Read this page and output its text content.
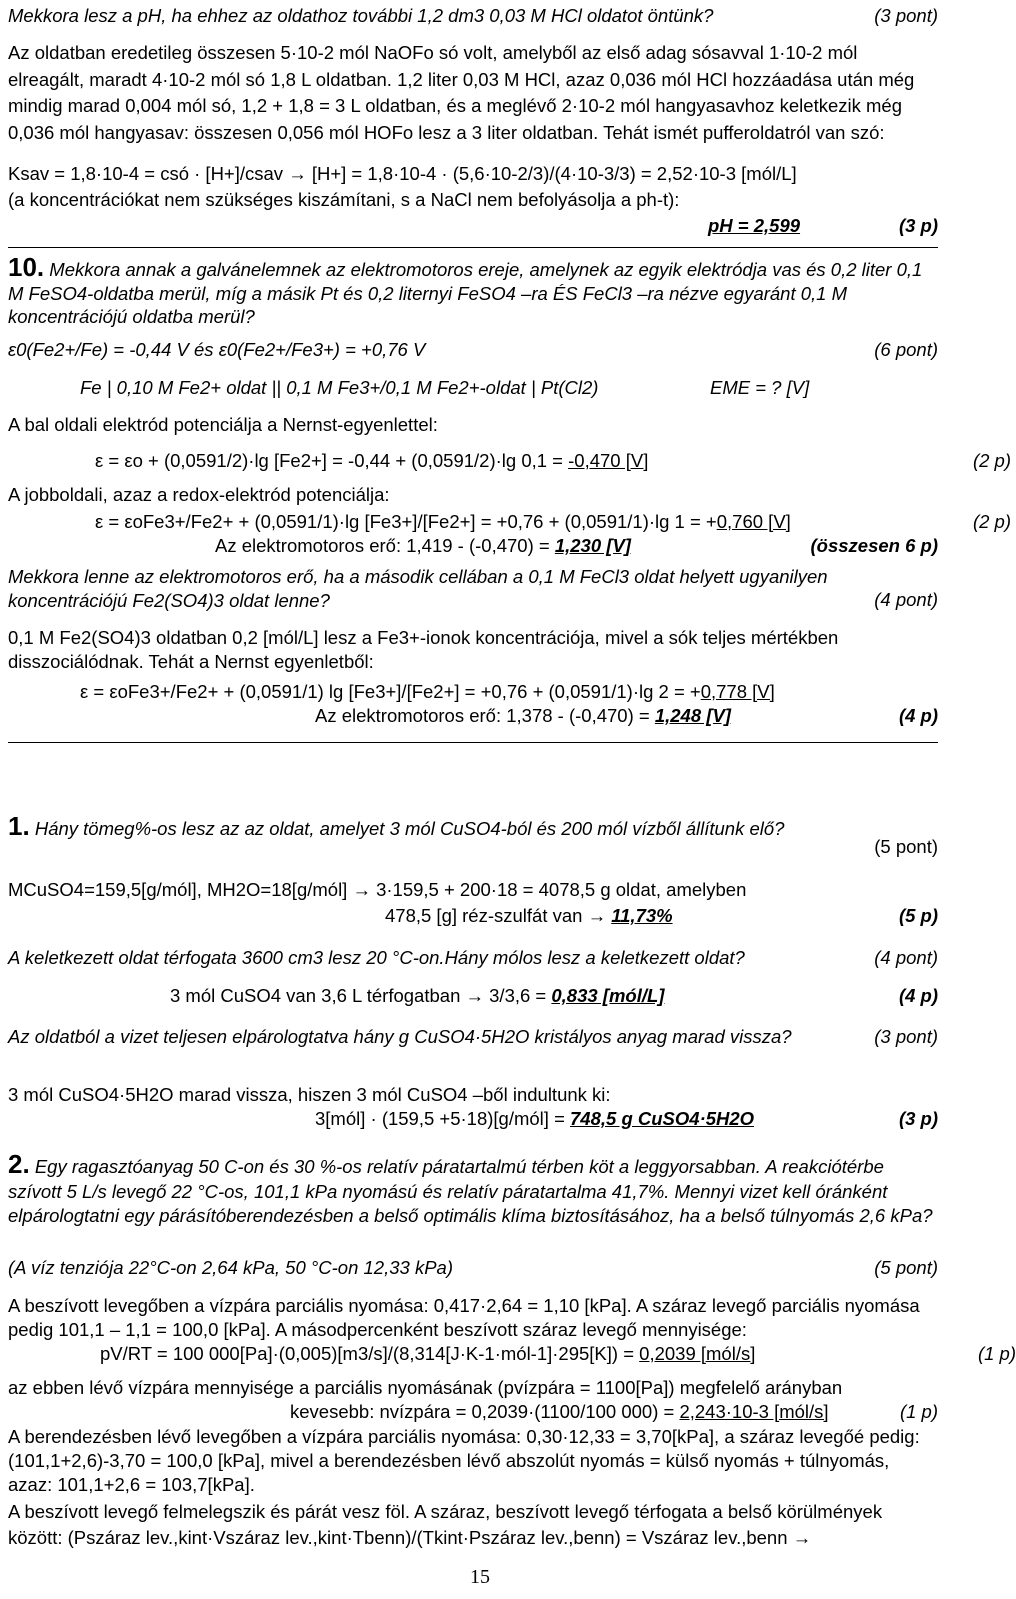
Mekkora lesz a pH, ha ehhez az oldathoz további 1,2 dm3 0,03 M HCl oldatot öntünk?	(3 pont)
Az oldatban eredetileg összesen 5·10-2 mól NaOFo só volt, amelyből az első adag sósavval 1·10-2 mól elreagált, maradt 4·10-2 mól só 1,8 L oldatban. 1,2 liter 0,03 M HCl, azaz 0,036 mól HCl hozzáadása után még mindig marad 0,004 mól só, 1,2 + 1,8 = 3 L oldatban, és a meglévő 2·10-2 mól hangyasavhoz keletkezik még 0,036 mól hangyasav: összesen 0,056 mól HOFo lesz a 3 liter oldatban. Tehát ismét pufferoldatról van szó:
Ksav = 1,8·10-4 = csó · [H+]/csav → [H+] = 1,8·10-4 · (5,6·10-2/3)/(4·10-3/3) = 2,52·10-3 [mól/L]
(a koncentrációkat nem szükséges kiszámítani, s a NaCl nem befolyásolja a ph-t):
pH = 2,599	(3 p)
10. Mekkora annak a galvánelemnek az elektromotoros ereje, amelynek az egyik elektródja vas és 0,2 liter 0,1 M FeSO4-oldatba merül, míg a másik Pt és 0,2 liternyi FeSO4 –ra ÉS FeCl3 –ra nézve egyaránt 0,1 M koncentrációjú oldatba merül?
ε0(Fe2+/Fe) = -0,44 V és ε0(Fe2+/Fe3+) = +0,76 V	(6 pont)
Fe | 0,10 M Fe2+ oldat || 0,1 M Fe3+/0,1 M Fe2+-oldat | Pt(Cl2)	EME = ? [V]
A bal oldali elektród potenciálja a Nernst-egyenlettel:
ε = εo + (0,0591/2)·lg [Fe2+] = -0,44 + (0,0591/2)·lg 0,1 = -0,470 [V]	(2 p)
A jobboldali, azaz a redox-elektród potenciálja:
ε = εoFe3+/Fe2+ + (0,0591/1)·lg [Fe3+]/[Fe2+] = +0,76 + (0,0591/1)·lg 1 = +0,760 [V]	(2 p)
Az elektromotoros erő: 1,419 - (-0,470) = 1,230 [V]	(összesen 6 p)
Mekkora lenne az elektromotoros erő, ha a második cellában a 0,1 M FeCl3 oldat helyett ugyanilyen koncentrációjú Fe2(SO4)3 oldat lenne?	(4 pont)
0,1 M Fe2(SO4)3 oldatban 0,2 [mól/L] lesz a Fe3+-ionok koncentrációja, mivel a sók teljes mértékben disszociálódnak. Tehát a Nernst egyenletből:
ε = εoFe3+/Fe2+ + (0,0591/1) lg [Fe3+]/[Fe2+] = +0,76 + (0,0591/1)·lg 2 = +0,778 [V]
Az elektromotoros erő: 1,378 - (-0,470) = 1,248 [V]	(4 p)
1. Hány tömeg%-os lesz az az oldat, amelyet 3 mól CuSO4-ból és 200 mól vízből állítunk elő?
(5 pont)
MCuSO4=159,5[g/mól], MH2O=18[g/mól] → 3·159,5 + 200·18 = 4078,5 g oldat, amelyben
478,5 [g] réz-szulfát van → 11,73%	(5 p)
A keletkezett oldat térfogata 3600 cm3 lesz 20 °C-on.Hány mólos lesz a keletkezett oldat?	(4 pont)
3 mól CuSO4 van 3,6 L térfogatban → 3/3,6 = 0,833 [mól/L]	(4 p)
Az oldatból a vizet teljesen elpárologtatva hány g CuSO4·5H2O kristályos anyag marad vissza?	(3 pont)
3 mól CuSO4·5H2O marad vissza, hiszen 3 mól CuSO4 –ből indultunk ki:
3[mól] · (159,5 +5·18)[g/mól] = 748,5 g CuSO4·5H2O	(3 p)
2. Egy ragasztóanyag 50 C-on és 30 %-os relatív páratartalmú térben köt a leggyorsabban. A reakciótérbe szívott 5 L/s levegő 22 °C-os, 101,1 kPa nyomású és relatív páratartalma 41,7%. Mennyi vizet kell óránként elpárologtatni egy párásítóberendezésben a belső optimális klíma biztosításához, ha a belső túlnyomás 2,6 kPa?
(A víz tenziója 22°C-on 2,64 kPa, 50 °C-on 12,33 kPa)	(5 pont)
A beszívott levegőben a vízpára parciális nyomása: 0,417·2,64 = 1,10 [kPa]. A száraz levegő parciális nyomása pedig 101,1 – 1,1 = 100,0 [kPa]. A másodpercenként beszívott száraz levegő mennyisége:
pV/RT = 100 000[Pa]·(0,005)[m3/s]/(8,314[J·K-1·mól-1]·295[K]) = 0,2039 [mól/s]	(1 p)
az ebben lévő vízpára mennyisége a parciális nyomásának (pvízpára = 1100[Pa]) megfelelő arányban
kevesebb: nvízpára = 0,2039·(1100/100 000) = 2,243·10-3 [mól/s]	(1 p)
A berendezésben lévő levegőben a vízpára parciális nyomása: 0,30·12,33 = 3,70[kPa], a száraz levegőé pedig: (101,1+2,6)-3,70 = 100,0 [kPa], mivel a berendezésben lévő abszolút nyomás = külső nyomás + túlnyomás, azaz: 101,1+2,6 = 103,7[kPa].
A beszívott levegő felmelegszik és párát vesz föl. A száraz, beszívott levegő térfogata a belső körülmények között: (Pszáraz lev.,kint·Vszáraz lev.,kint·Tbenn)/(Tkint·Pszáraz lev.,benn) = Vszáraz lev.,benn →
15
